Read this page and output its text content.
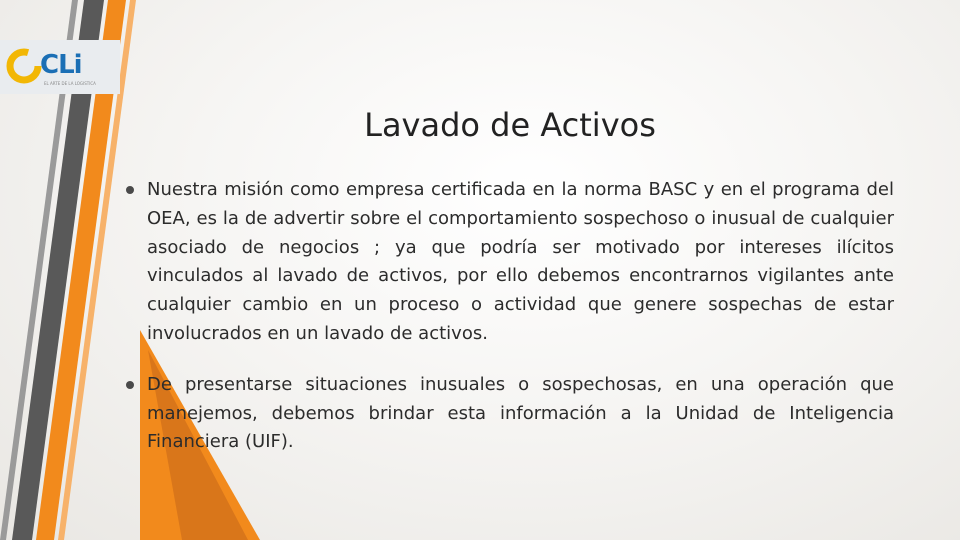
CLi
EL ARTE DE LA LOGISTICA
Lavado de Activos

Nuestra misión como empresa certificada en la norma BASC y en el programa del OEA, es la de advertir sobre el comportamiento sospechoso o inusual de cualquier asociado de negocios ; ya que podría ser motivado por intereses ilícitos vinculados al lavado de activos, por ello debemos encontrarnos vigilantes ante cualquier cambio en un proceso o actividad que genere sospechas de estar involucrados en un lavado de activos.

De presentarse situaciones inusuales o sospechosas, en una operación que manejemos, debemos brindar esta información a la Unidad de Inteligencia Financiera (UIF).
